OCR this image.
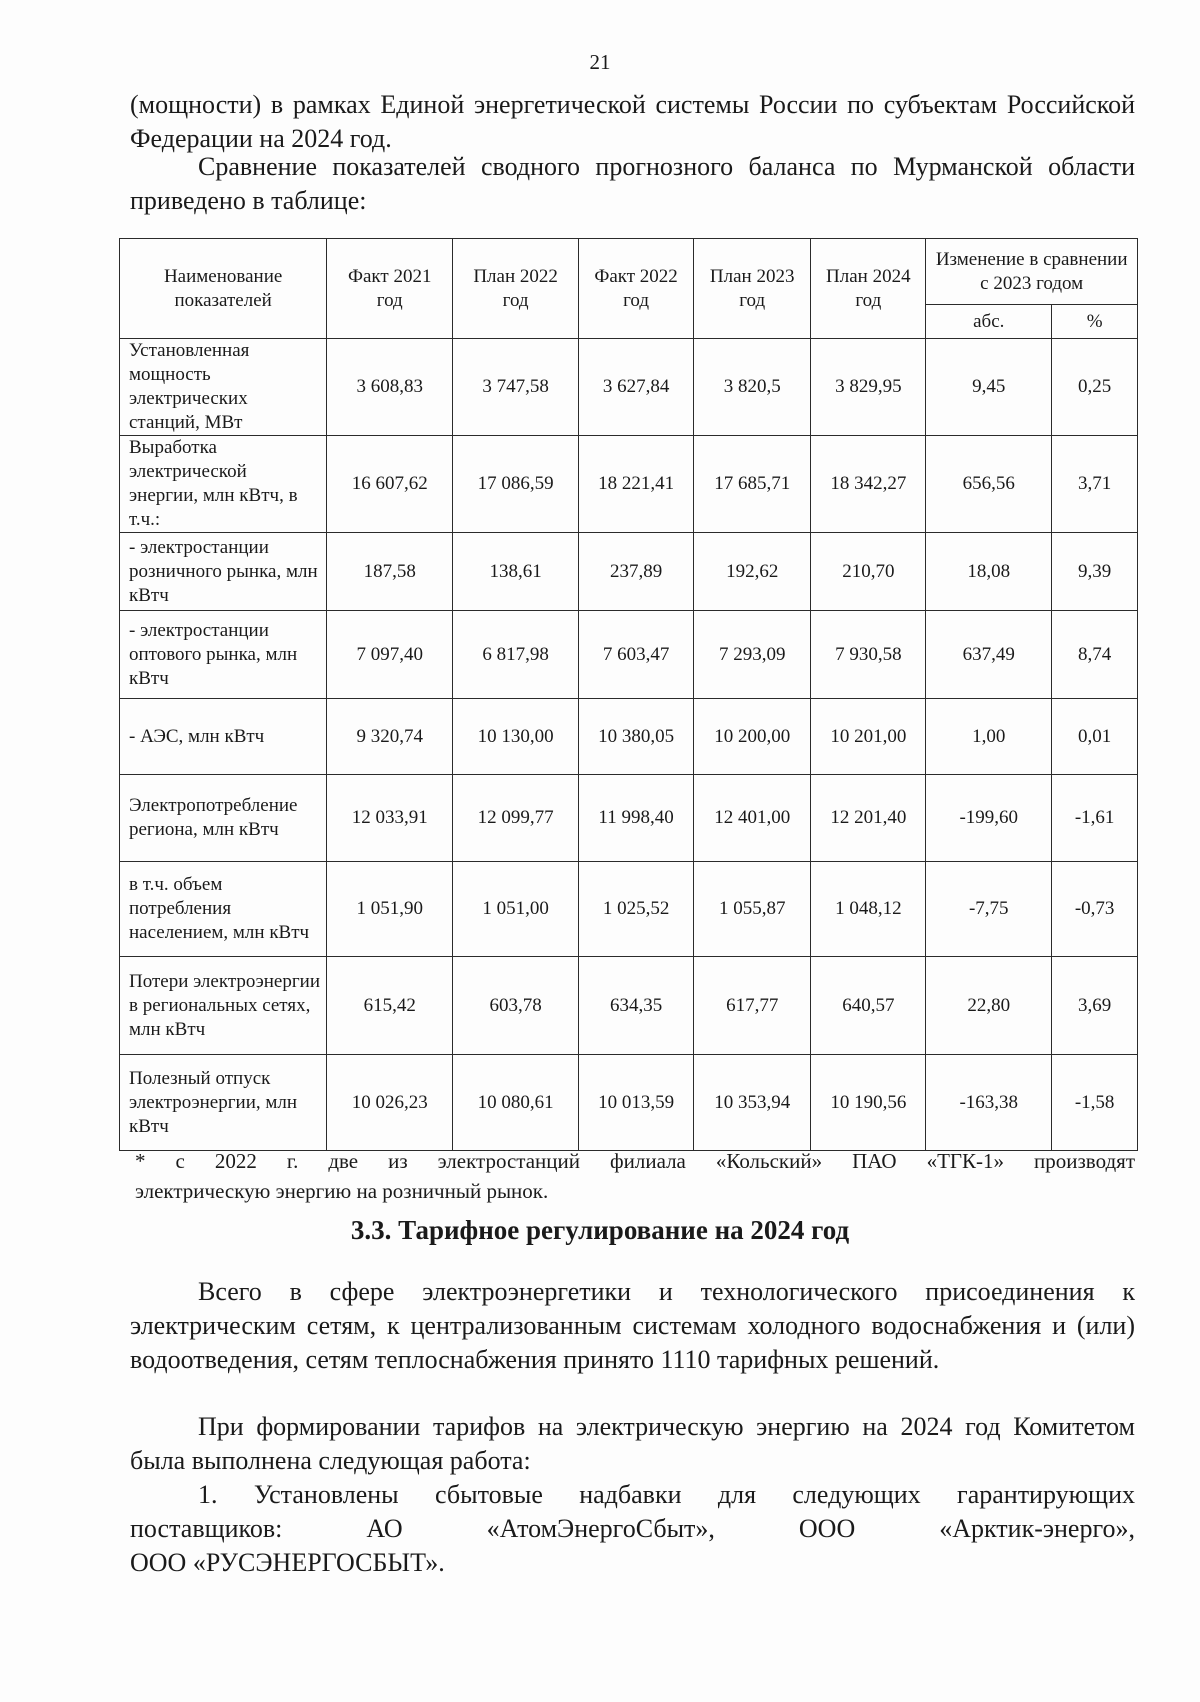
21

(мощности) в рамках Единой энергетической системы России по субъектам Российской Федерации на 2024 год.

Сравнение показателей сводного прогнозного баланса по Мурманской области приведено в таблице:

Наименование показателей	Факт 2021 год	План 2022 год	Факт 2022 год	План 2023 год	План 2024 год	Изменение в сравнении с 2023 годом	
						абс.	%
Установленная мощность электрических станций, МВт	3 608,83	3 747,58	3 627,84	3 820,5	3 829,95	9,45	0,25
Выработка электрической энергии, млн кВтч, в т.ч.:	16 607,62	17 086,59	18 221,41	17 685,71	18 342,27	656,56	3,71
- электростанции розничного рынка, млн кВтч	187,58	138,61	237,89	192,62	210,70	18,08	9,39
- электростанции оптового рынка, млн кВтч	7 097,40	6 817,98	7 603,47	7 293,09	7 930,58	637,49	8,74
- АЭС, млн кВтч	9 320,74	10 130,00	10 380,05	10 200,00	10 201,00	1,00	0,01
Электропотребление региона, млн кВтч	12 033,91	12 099,77	11 998,40	12 401,00	12 201,40	-199,60	-1,61
в т.ч. объем потребления населением, млн кВтч	1 051,90	1 051,00	1 025,52	1 055,87	1 048,12	-7,75	-0,73
Потери электроэнергии в региональных сетях, млн кВтч	615,42	603,78	634,35	617,77	640,57	22,80	3,69
Полезный отпуск электроэнергии, млн кВтч	10 026,23	10 080,61	10 013,59	10 353,94	10 190,56	-163,38	-1,58
* с 2022 г. две из электростанций филиала «Кольский» ПАО «ТГК-1» производят
электрическую энергию на розничный рынок.
3.3. Тарифное регулирование на 2024 год

Всего в сфере электроэнергетики и технологического присоединения к электрическим сетям, к централизованным системам холодного водоснабжения и (или) водоотведения, сетям теплоснабжения принято 1110 тарифных решений.

При формировании тарифов на электрическую энергию на 2024 год Комитетом была выполнена следующая работа:

1. Установлены сбытовые надбавки для следующих гарантирующих

поставщиков: АО «АтомЭнергоСбыт», ООО «Арктик-энерго»,

ООО «РУСЭНЕРГОСБЫТ».
